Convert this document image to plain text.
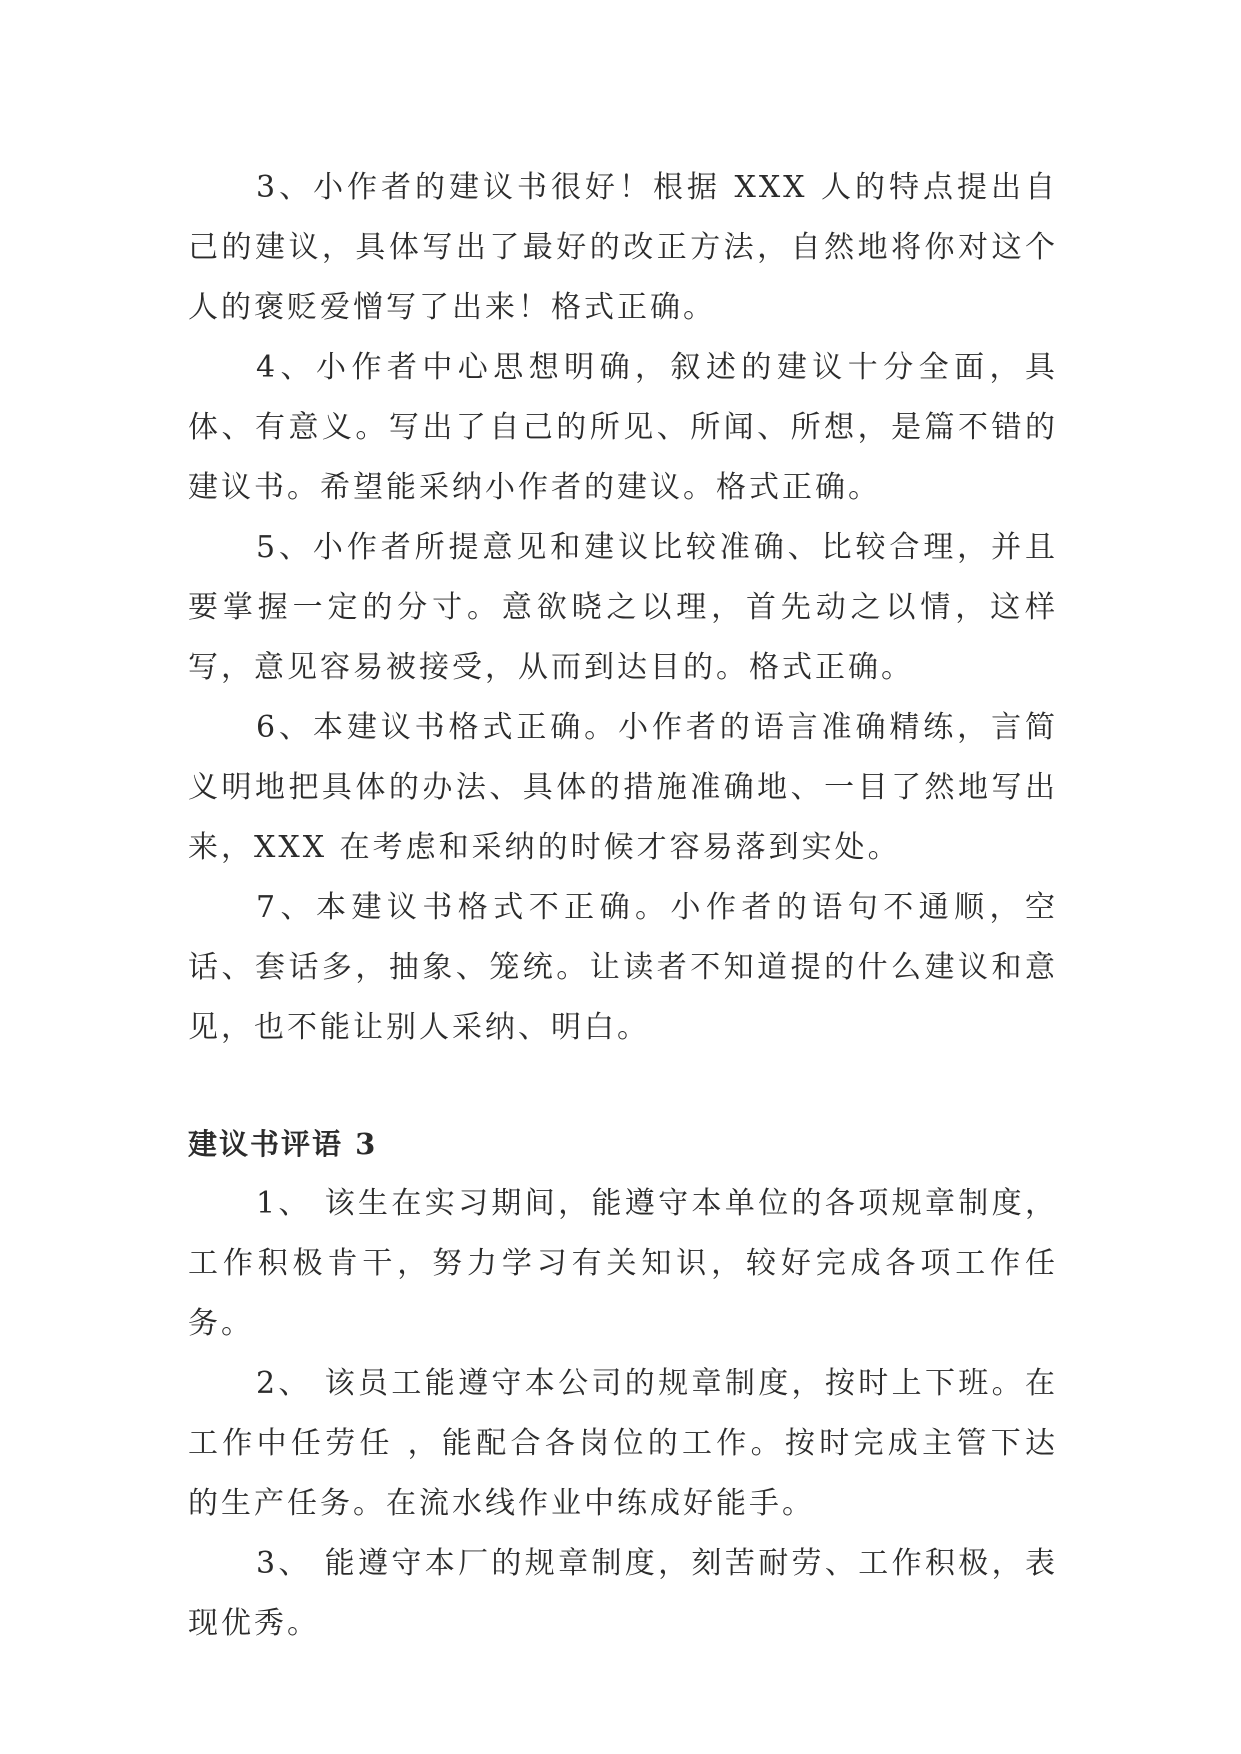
3、小作者的建议书很好！根据 XXX 人的特点提出自己的建议，具体写出了最好的改正方法，自然地将你对这个人的褒贬爱憎写了出来！格式正确。

4、小作者中心思想明确，叙述的建议十分全面，具体、有意义。写出了自己的所见、所闻、所想，是篇不错的建议书。希望能采纳小作者的建议。格式正确。

5、小作者所提意见和建议比较准确、比较合理，并且要掌握一定的分寸。意欲晓之以理，首先动之以情，这样写，意见容易被接受，从而到达目的。格式正确。

6、本建议书格式正确。小作者的语言准确精练，言简义明地把具体的办法、具体的措施准确地、一目了然地写出来，XXX 在考虑和采纳的时候才容易落到实处。

7、本建议书格式不正确。小作者的语句不通顺，空话、套话多，抽象、笼统。让读者不知道提的什么建议和意见，也不能让别人采纳、明白。

建议书评语 3

1、 该生在实习期间，能遵守本单位的各项规章制度，工作积极肯干，努力学习有关知识，较好完成各项工作任务。

2、 该员工能遵守本公司的规章制度，按时上下班。在工作中任劳任 ，能配合各岗位的工作。按时完成主管下达的生产任务。在流水线作业中练成好能手。

3、 能遵守本厂的规章制度，刻苦耐劳、工作积极，表现优秀。
